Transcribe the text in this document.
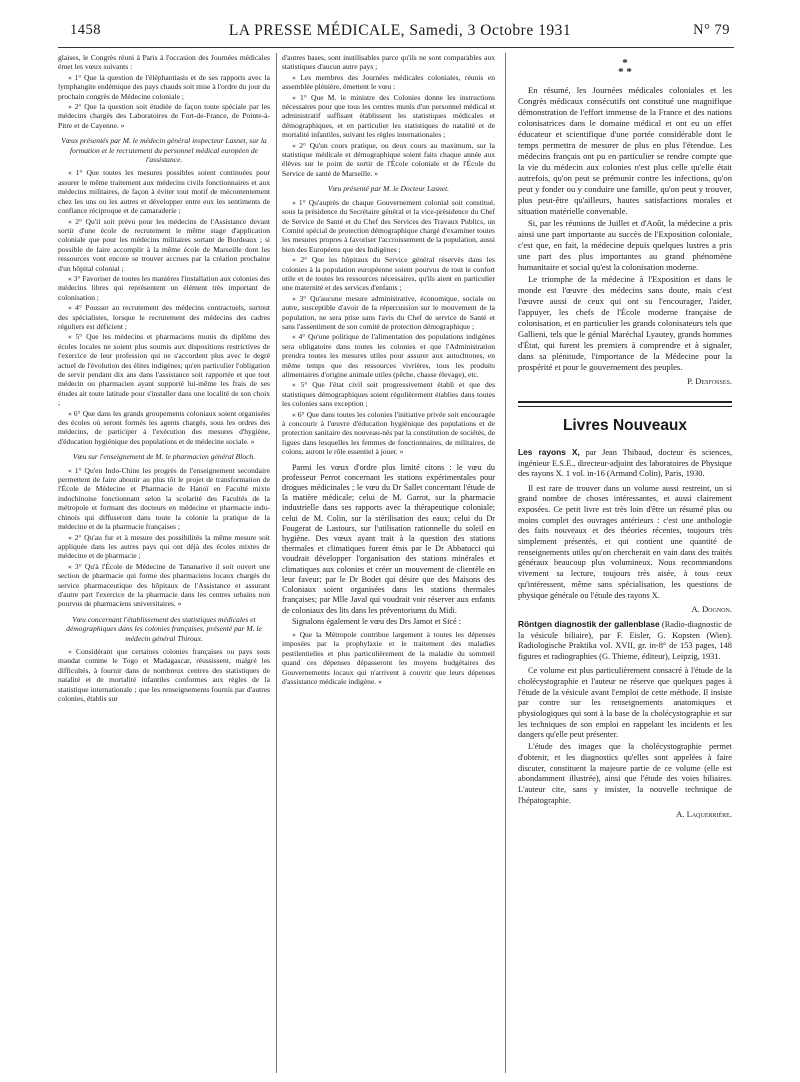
1458	LA PRESSE MÉDICALE, Samedi, 3 Octobre 1931	N° 79

glaises, le Congrès réuni à Paris à l'occasion des Journées médicales émet les vœux suivants :

« 1° Que la question de l'éléphantiasis et de ses rapports avec la lymphangite endémique des pays chauds soit mise à l'ordre du jour du prochain congrès de Médecine coloniale ;

« 2° Que la question soit étudiée de façon toute spéciale par les médecins chargés des Laboratoires de Fort-de-France, de Pointe-à-Pitre et de Cayenne. »

Vœux présentés par M. le médecin général inspecteur Lasnet, sur la formation et le recrutement du personnel médical européen de l'assistance.

« 1° Que toutes les mesures possibles soient continuées pour assurer le même traitement aux médecins civils fonctionnaires et aux médecins militaires, de façon à éviter tout motif de mécontentement chez les uns ou les autres et développer entre eux les sentiments de confiance réciproque et de camaraderie ;

« 2° Qu'il soit prévu pour les médecins de l'Assistance devant sortir d'une école de recrutement le même stage d'application coloniale que pour les médecins militaires sortant de Bordeaux ; si possible de faire accomplir à la même école de Marseille dont les ressources vont encore se trouver accrues par la création prochaine d'un hôpital colonial ;

« 3° Favoriser de toutes les manières l'installation aux colonies des médecins libres qui représentent un élément très important de colonisation ;

« 4° Pousser au recrutement des médecins contractuels, surtout des spécialistes, lorsque le recrutement des médecins des cadres réguliers est déficient ;

« 5° Que les médecins et pharmaciens munis du diplôme des écoles locales ne soient plus soumis aux dispositions restrictives de l'exercice de leur profession qui ne s'accordent plus avec le degré actuel de l'évolution des élites indigènes; qu'en particulier l'obligation de servir pendant dix ans dans l'assistance soit rapportée et que tout médecin ou pharmacien ayant supporté lui-même les frais de ses études ait toute latitude pour s'installer dans une localité de son choix ;

« 6° Que dans les grands groupements coloniaux soient organisées des écoles où seront formés les agents chargés, sous les ordres des médecins, de participer à l'exécution des mesures d'hygiène, d'éducation hygiénique des populations et de médecine sociale. »

Vœu sur l'enseignement de M. le pharmacien général Bloch.

« 1° Qu'en Indo-Chine les progrès de l'enseignement secondaire permettent de faire aboutir au plus tôt le projet de transformation de l'École de Médecine et Pharmacie de Hanoï en Faculté mixte indochinoise fonctionnant selon la scolarité des Facultés de la métropole et formant des docteurs en médecine et pharmacie indo-chinois qui diffuseront dans toute la colonie la pratique de la médecine et de la pharmacie françaises ;

« 2° Qu'au fur et à mesure des possibilités la même mesure soit appliquée dans les autres pays qui ont déjà des écoles mixtes de médecine et de pharmacie ;

« 3° Qu'à l'École de Médecine de Tananarive il soit ouvert une section de pharmacie qui forme des pharmaciens locaux chargés du service pharmaceutique des hôpitaux de l'Assistance et assurant d'autre part l'exercice de la pharmacie dans les centres urbains non pourvus de pharmaciens universitaires. »

Vœu concernant l'établissement des statistiques médicales et démographiques dans les colonies françaises, présenté par M. le médecin général Thiroux.

« Considérant que certaines colonies françaises ou pays sous mandat comme le Togo et Madagascar, réussissent, malgré les difficultés, à fournir dans de nombreux centres des statistiques de natalité et de mortalité infantiles conformes aux règles de la statistique internationale ; que les renseignements fournis par d'autres colonies, établis sur

d'autres bases, sont inutilisables parce qu'ils ne sont comparables aux statistiques d'aucun autre pays ;

« Les membres des Journées médicales coloniales, réunis en assemblée plénière, émettent le vœu :

« 1° Que M. le ministre des Colonies donne les instructions nécessaires pour que tous les centres munis d'un personnel médical et administratif suffisant établissent les statistiques médicales et démographiques, et en particulier les statistiques de natalité et de mortalité infantiles, suivant les règles internationales ;

« 2° Qu'un cours pratique, ou deux cours au maximum, sur la statistique médicale et démographique soient faits chaque année aux élèves sur le point de sortir de l'École coloniale et de l'École du Service de santé de Marseille. »

Vœu présenté par M. le Docteur Lasnet.

« 1° Qu'auprès de chaque Gouvernement colonial soit constitué, sous la présidence du Secrétaire général et la vice-présidence du Chef de Service de Santé et du Chef des Services des Travaux Publics, un Comité spécial de protection démographique chargé d'examiner toutes les mesures propres à favoriser l'accroissement de la population, aussi bien des Européens que des Indigènes ;

« 2° Que les hôpitaux du Service général réservés dans les colonies à la population européenne soient pourvus de tout le confort utile et de toutes les ressources nécessaires, qu'ils aient en particulier une maternité et des services d'enfants ;

« 3° Qu'aucune mesure administrative, économique, sociale ou autre, susceptible d'avoir de la répercussion sur le mouvement de la population, ne sera prise sans l'avis du Chef de service de Santé et sans l'assentiment de son comité de protection démographique ;

« 4° Qu'une politique de l'alimentation des populations indigènes sera obligatoire dans toutes les colonies et que l'Administration prendra toutes les mesures utiles pour assurer aux autochtones, en même temps que des ressources vivrières, tous les produits alimentaires d'origine animale utiles (pêche, chasse élevage), etc.

« 5° Que l'état civil soit progressivement établi et que des statistiques démographiques soient régulièrement établies dans toutes les colonies sans exception ;

« 6° Que dans toutes les colonies l'initiative privée soit encouragée à concourir à l'œuvre d'éducation hygiénique des populations et de protection sanitaire des nouveau-nés par la constitution de sociétés, de ligues dans lesquelles les femmes de fonctionnaires, de militaires, de colons, auront le rôle essentiel à jouer. »

Parmi les vœux d'ordre plus limité citons : le vœu du professeur Perrot concernant les stations expérimentales pour drogues médicinales ; le vœu du Dr Sallet concernant l'étude de la matière médicale; celui de M. Garrot, sur la pharmacie industrielle dans ses rapports avec la thérapeutique coloniale; celui de M. Colin, sur la stérilisation des eaux; celui du Dr Fougerat de Lastours, sur l'utilisation rationnelle du soleil en hygiène. Des vœux ayant trait à la question des stations thermales et climatiques furent émis par le Dr Abbatucci qui voudrait développer l'organisation des stations minérales et climatiques aux colonies et créer un mouvement de clientèle en leur faveur; par le Dr Bodet qui désire que des Maisons des Coloniaux soient organisées dans les stations thermales françaises; par Mlle Javal qui voudrait voir réserver aux enfants de coloniaux des lits dans les préventoriums du Midi.

Signalons également le vœu des Drs Jamot et Sicé :

« Que la Métropole contribue largement à toutes les dépenses imposées par la prophylaxie et le traitement des maladies pestilentielles et plus particulièrement de la maladie du sommeil quand ces dépenses dépasseront les moyens budgétaires des Gouvernements locaux qui n'arrivent à couvrir que leurs dépenses d'assistance médicale indigène. »

*
* *

En résumé, les Journées médicales coloniales et les Congrès médicaux consécutifs ont constitué une magnifique démonstration de l'effort immense de la France et des nations colonisatrices dans le domaine médical et ont eu un effet éducateur et scientifique d'une portée considérable dont le temps permettra de mesurer de plus en plus l'étendue. Les médecins français ont pu en particulier se rendre compte que la vie du médecin aux colonies n'est plus celle qu'elle était autrefois, qu'on peut se prémunir contre les infections, qu'on peut y fonder ou y conduire une famille, qu'on peut y trouver, plus peut-être qu'ailleurs, hautes satisfactions morales et situation matérielle convenable.

Si, par les réunions de Juillet et d'Août, la médecine a pris ainsi une part importante au succès de l'Exposition coloniale, c'est que, en fait, la médecine depuis quelques lustres a pris une part des plus importantes au grand phénomène humanitaire et social qu'est la colonisation moderne.

Le triomphe de la médecine à l'Exposition et dans le monde est l'œuvre des médecins sans doute, mais c'est l'œuvre aussi de ceux qui ont su l'encourager, l'aider, l'appuyer, les chefs de l'École moderne française de colonisation, et en particulier les grands colonisateurs tels que Gallieni, tels que le génial Maréchal Lyautey, grands hommes d'État, qui furent les premiers à comprendre et à signaler, dans sa plénitude, l'importance de la Médecine pour la prospérité et pour le gouvernement des peuples.

P. Desfosses.

Livres Nouveaux

Les rayons X, par Jean Thibaud, docteur ès sciences, ingénieur E.S.E., directeur-adjoint des laboratoires de Physique des rayons X. 1 vol. in-16 (Armand Colin), Paris, 1930.

Il est rare de trouver dans un volume aussi restreint, un si grand nombre de choses intéressantes, et aussi clairement exposées. Ce petit livre est très loin d'être un résumé plus ou moins complet des ouvrages antérieurs : c'est une anthologie des faits nouveaux et des théories récentes, toujours très simplement présentés, et qui contient une quantité de renseignements utiles qu'on chercherait en vain dans des traités généraux beaucoup plus volumineux. Nous recommandons vivement sa lecture, toujours très aisée, à tous ceux qu'intéressent, même sans spécialisation, les questions de physique générale ou l'étude des rayons X.

A. Dognon.

Röntgen diagnostik der gallenblase (Radio-diagnostic de la vésicule biliaire), par F. Eisler, G. Kopsten (Wien). Radiologische Praktika vol. XVII, gr. in-8° de 153 pages, 148 figures et radiographies (G. Thieme, éditeur), Leipzig, 1931.

Ce volume est plus particulièrement consacré à l'étude de la cholécystographie et l'auteur ne réserve que quelques pages à l'étude de la vésicule avant l'emploi de cette méthode. Il insiste par contre sur les renseignements anatomiques et physiologiques qui sont à la base de la cholécystographie et sur les techniques de son emploi en rappelant les incidents et les dangers qu'elle peut présenter.

L'étude des images que la cholécystographie permet d'obtenir, et les diagnostics qu'elles sont appelées à faire discuter, constituent la majeure partie de ce volume (elle est abondamment illustrée), ainsi que l'étude des voies biliaires. L'auteur cite, sans y insister, la nouvelle technique de l'hépatographie.

A. Laquerrière.
